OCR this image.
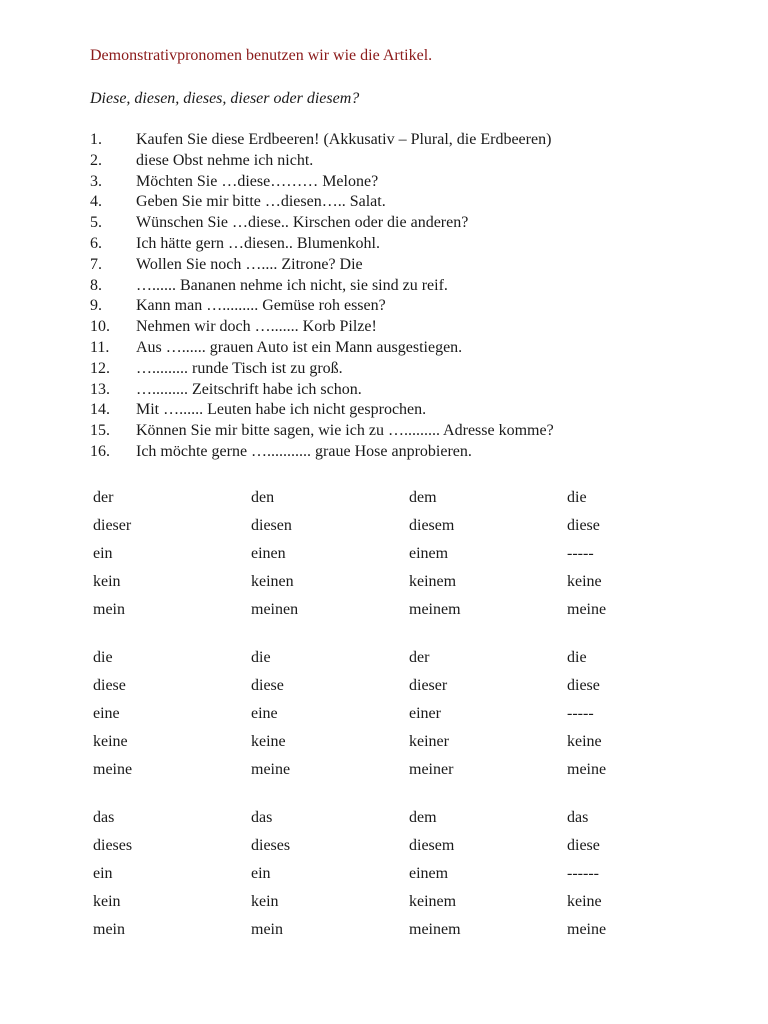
Demonstrativpronomen benutzen wir wie die Artikel.
Diese, diesen, dieses, dieser oder diesem?
1.	Kaufen Sie diese Erdbeeren! (Akkusativ – Plural, die Erdbeeren)
2.	diese Obst nehme ich nicht.
3.	Möchten Sie …diese……… Melone?
4.	Geben Sie mir bitte …diesen….. Salat.
5.	Wünschen Sie …diese.. Kirschen oder die anderen?
6.	Ich hätte gern …diesen.. Blumenkohl.
7.	Wollen Sie noch ….... Zitrone? Die
8.	…...... Bananen nehme ich nicht, sie sind zu reif.
9.	Kann man …......... Gemüse roh essen?
10.	Nehmen wir doch …....... Korb Pilze!
11.	Aus …...... grauen Auto ist ein Mann ausgestiegen.
12.	…......... runde Tisch ist zu groß.
13.	…......... Zeitschrift habe ich schon.
14.	Mit …...... Leuten habe ich nicht gesprochen.
15.	Können Sie mir bitte sagen, wie ich zu …......... Adresse komme?
16.	Ich möchte gerne …........... graue Hose anprobieren.
der	den	dem	die
dieser	diesen	diesem	diese
ein	einen	einem	-----
kein	keinen	keinem	keine
mein	meinen	meinem	meine
die	die	der	die
diese	diese	dieser	diese
eine	eine	einer	-----
keine	keine	keiner	keine
meine	meine	meiner	meine
das	das	dem	das
dieses	dieses	diesem	diese
ein	ein	einem	------
kein	kein	keinem	keine
mein	mein	meinem	meine
